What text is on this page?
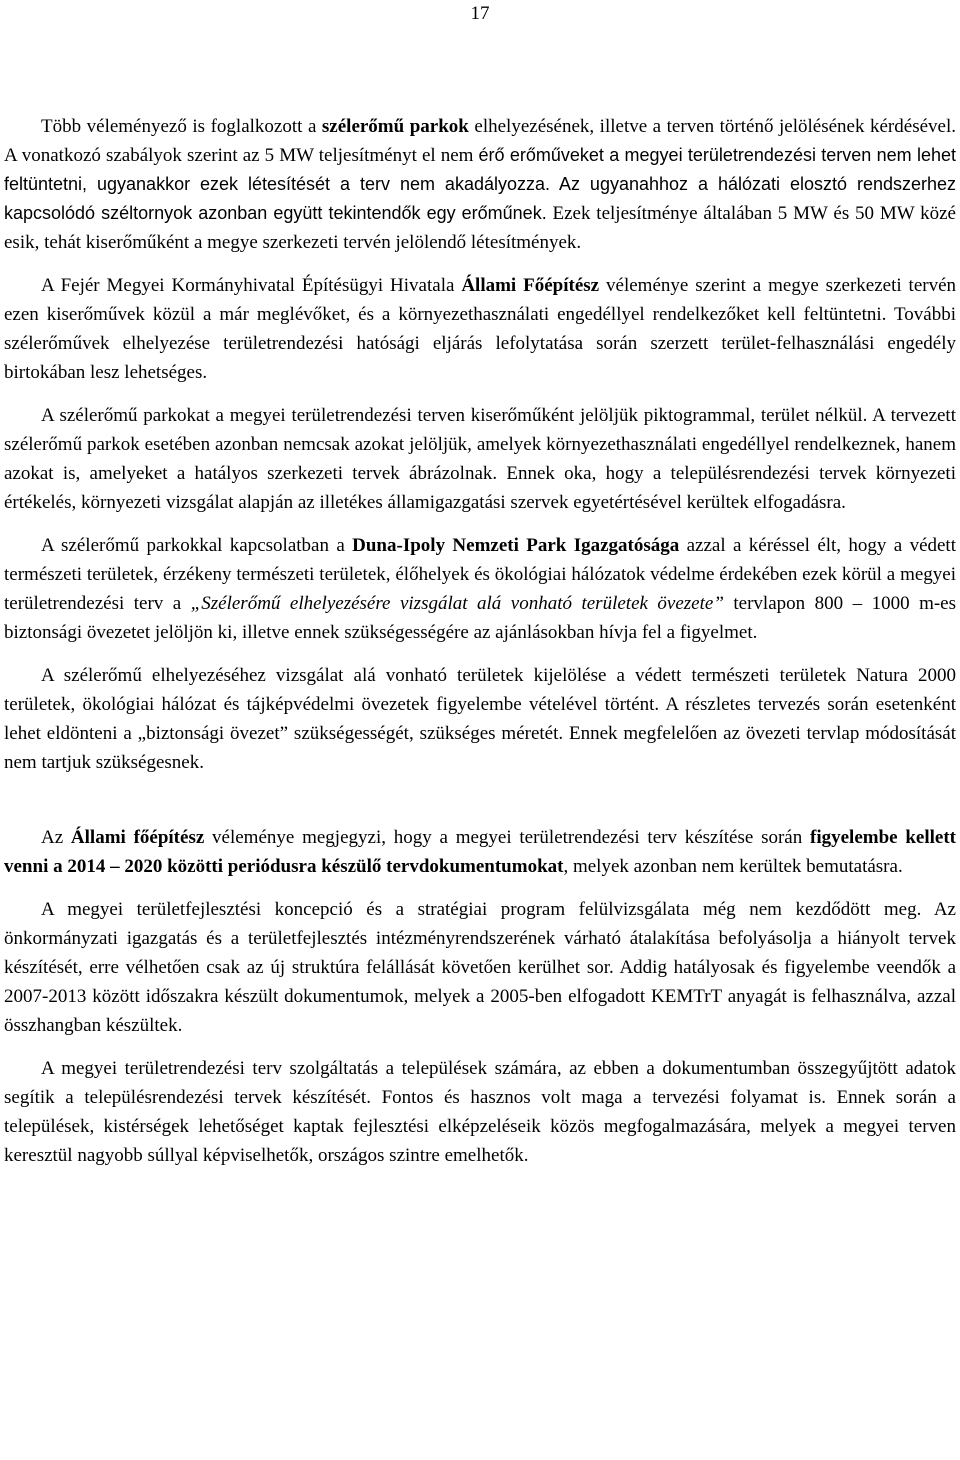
17

Több véleményező is foglalkozott a szélerőmű parkok elhelyezésének, illetve a terven történő jelölésének kérdésével. A vonatkozó szabályok szerint az 5 MW teljesítményt el nem érő erőműveket a megyei területrendezési terven nem lehet feltüntetni, ugyanakkor ezek létesítését a terv nem akadályozza. Az ugyanahhoz a hálózati elosztó rendszerhez kapcsolódó széltornyok azonban együtt tekintendők egy erőműnek. Ezek teljesítménye általában 5 MW és 50 MW közé esik, tehát kiserőműként a megye szerkezeti tervén jelölendő létesítmények.

A Fejér Megyei Kormányhivatal Építésügyi Hivatala Állami Főépítész véleménye szerint a megye szerkezeti tervén ezen kiserőművek közül a már meglévőket, és a környezethasználati engedéllyel rendelkezőket kell feltüntetni. További szélerőművek elhelyezése területrendezési hatósági eljárás lefolytatása során szerzett terület-felhasználási engedély birtokában lesz lehetséges.

A szélerőmű parkokat a megyei területrendezési terven kiserőműként jelöljük piktogrammal, terület nélkül. A tervezett szélerőmű parkok esetében azonban nemcsak azokat jelöljük, amelyek környezethasználati engedéllyel rendelkeznek, hanem azokat is, amelyeket a hatályos szerkezeti tervek ábrázolnak. Ennek oka, hogy a településrendezési tervek környezeti értékelés, környezeti vizsgálat alapján az illetékes államigazgatási szervek egyetértésével kerültek elfogadásra.

A szélerőmű parkokkal kapcsolatban a Duna-Ipoly Nemzeti Park Igazgatósága azzal a kéréssel élt, hogy a védett természeti területek, érzékeny természeti területek, élőhelyek és ökológiai hálózatok védelme érdekében ezek körül a megyei területrendezési terv a „Szélerőmű elhelyezésére vizsgálat alá vonható területek övezete” tervlapon 800 – 1000 m-es biztonsági övezetet jelöljön ki, illetve ennek szükségességére az ajánlásokban hívja fel a figyelmet.

A szélerőmű elhelyezéséhez vizsgálat alá vonható területek kijelölése a védett természeti területek Natura 2000 területek, ökológiai hálózat és tájképvédelmi övezetek figyelembe vételével történt. A részletes tervezés során esetenként lehet eldönteni a „biztonsági övezet” szükségességét, szükséges méretét. Ennek megfelelően az övezeti tervlap módosítását nem tartjuk szükségesnek.

Az Állami főépítész véleménye megjegyzi, hogy a megyei területrendezési terv készítése során figyelembe kellett venni a 2014 – 2020 közötti periódusra készülő tervdokumentumokat, melyek azonban nem kerültek bemutatásra.

A megyei területfejlesztési koncepció és a stratégiai program felülvizsgálata még nem kezdődött meg. Az önkormányzati igazgatás és a területfejlesztés intézményrendszerének várható átalakítása befolyásolja a hiányolt tervek készítését, erre vélhetően csak az új struktúra felállását követően kerülhet sor. Addig hatályosak és figyelembe veendők a 2007-2013 között időszakra készült dokumentumok, melyek a 2005-ben elfogadott KEMTrT anyagát is felhasználva, azzal összhangban készültek.

A megyei területrendezési terv szolgáltatás a települések számára, az ebben a dokumentumban összegyűjtött adatok segítik a településrendezési tervek készítését. Fontos és hasznos volt maga a tervezési folyamat is. Ennek során a települések, kistérségek lehetőséget kaptak fejlesztési elképzeléseik közös megfogalmazására, melyek a megyei terven keresztül nagyobb súllyal képviselhetők, országos szintre emelhetők.
